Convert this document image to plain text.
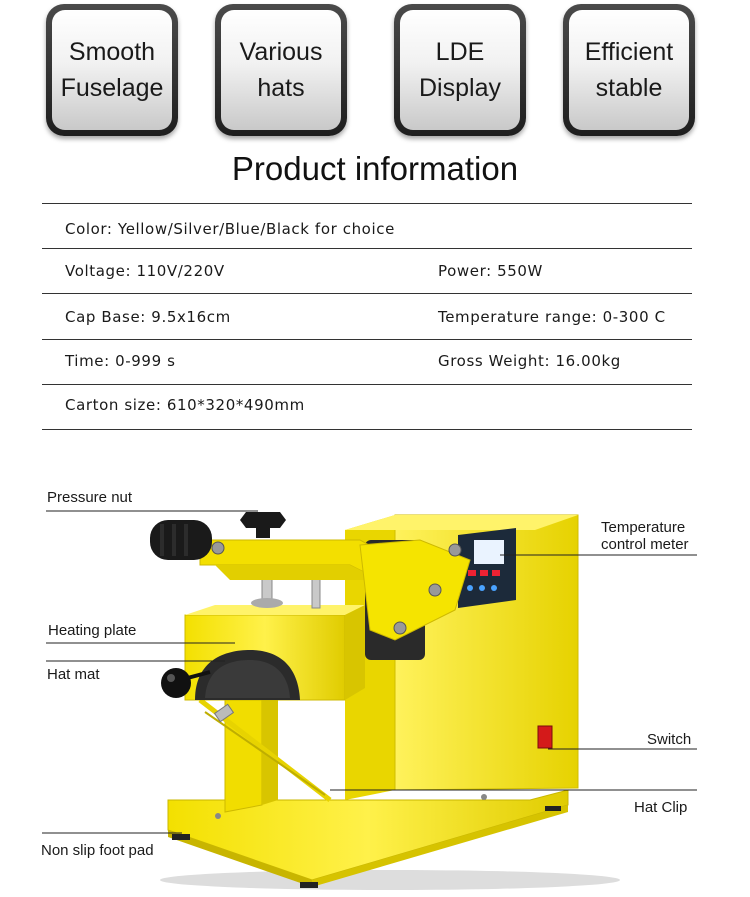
Smooth
Fuselage
Various
hats
LDE
Display
Efficient
stable
Product information
Color: Yellow/Silver/Blue/Black for choice
Voltage: 110V/220V	Power: 550W
Cap Base: 9.5x16cm	Temperature range: 0-300 C
Time: 0-999 s	Gross Weight: 16.00kg
Carton size: 610*320*490mm
Pressure nut
Heating plate
Hat mat
Non slip foot pad
Temperature
control meter
Switch
Hat Clip
